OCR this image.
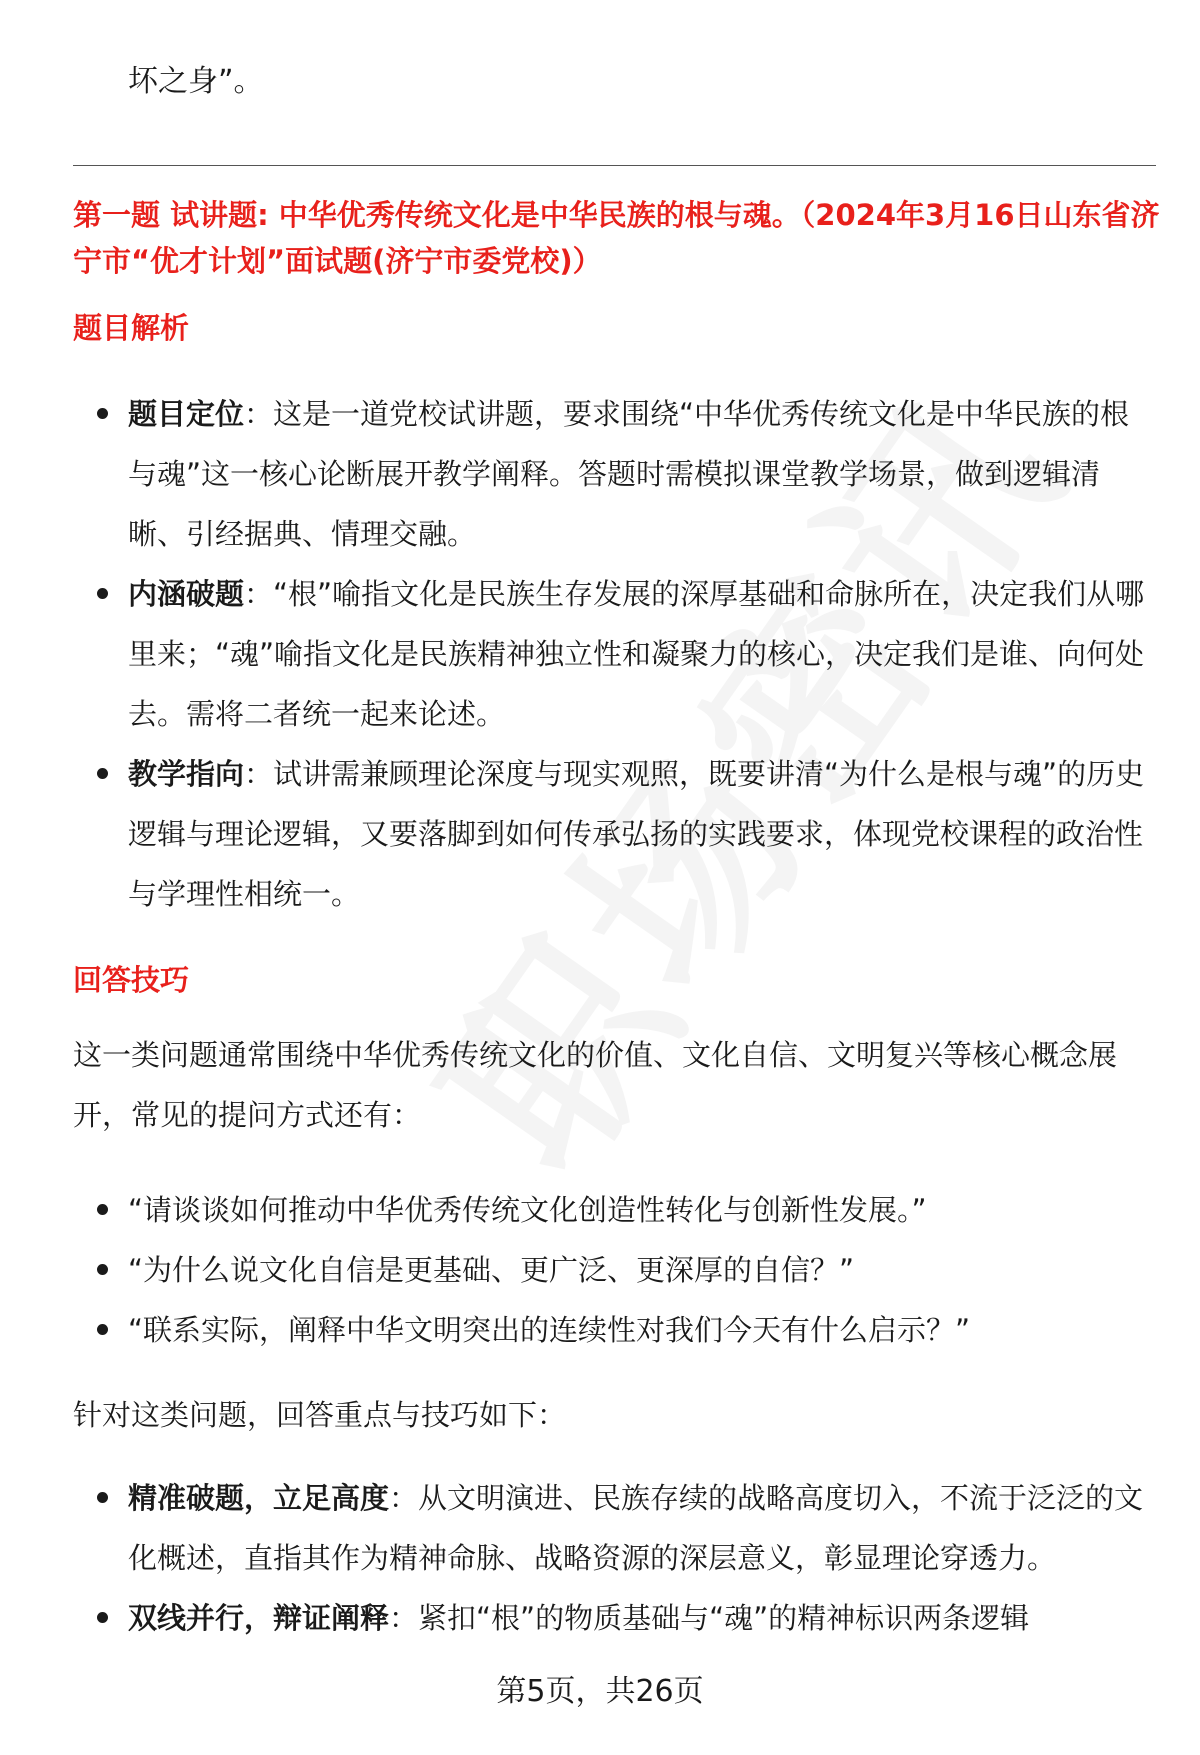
坏之身”。
第一题 试讲题: 中华优秀传统文化是中华民族的根与魂。（2024年3月16日山东省济宁市“优才计划”面试题(济宁市委党校)）
题目解析
题目定位：这是一道党校试讲题，要求围绕“中华优秀传统文化是中华民族的根与魂”这一核心论断展开教学阐释。答题时需模拟课堂教学场景，做到逻辑清晰、引经据典、情理交融。
内涵破题：“根”喻指文化是民族生存发展的深厚基础和命脉所在，决定我们从哪里来；“魂”喻指文化是民族精神独立性和凝聚力的核心，决定我们是谁、向何处去。需将二者统一起来论述。
教学指向：试讲需兼顾理论深度与现实观照，既要讲清“为什么是根与魂”的历史逻辑与理论逻辑，又要落脚到如何传承弘扬的实践要求，体现党校课程的政治性与学理性相统一。
回答技巧
这一类问题通常围绕中华优秀传统文化的价值、文化自信、文明复兴等核心概念展开，常见的提问方式还有：
“请谈谈如何推动中华优秀传统文化创造性转化与创新性发展。”
“为什么说文化自信是更基础、更广泛、更深厚的自信？”
“联系实际，阐释中华文明突出的连续性对我们今天有什么启示？”
针对这类问题，回答重点与技巧如下：
精准破题，立足高度：从文明演进、民族存续的战略高度切入，不流于泛泛的文化概述，直指其作为精神命脉、战略资源的深层意义，彰显理论穿透力。
双线并行，辩证阐释：紧扣“根”的物质基础与“魂”的精神标识两条逻辑
第5页，共26页
